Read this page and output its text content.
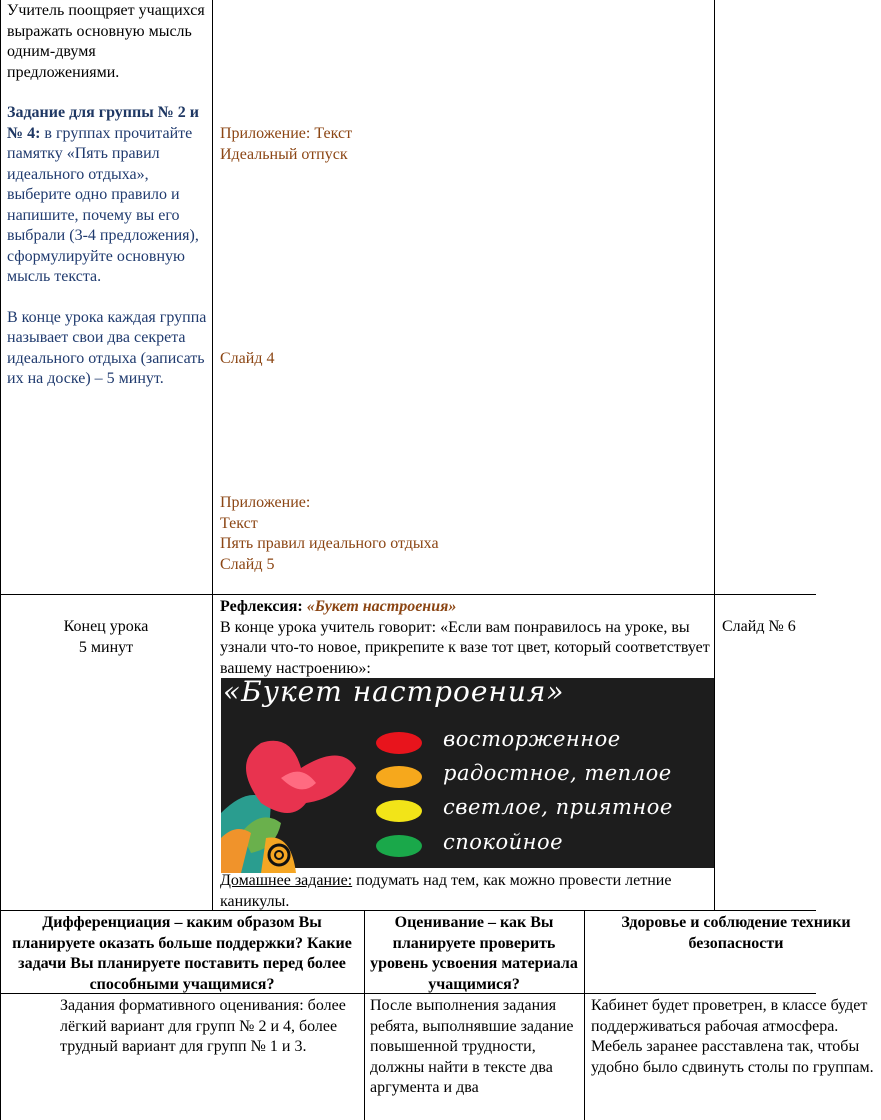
Учитель поощряет учащихся выражать основную мысль одним-двумя предложениями.
Задание для группы № 2 и № 4: в группах прочитайте памятку «Пять правил идеального отдыха», выберите одно правило и напишите, почему вы его выбрали (3-4 предложения), сформулируйте основную мысль текста.
В конце урока каждая группа называет свои два секрета идеального отдыха (записать их на доске) – 5 минут.
Приложение: Текст
Идеальный отпуск
Слайд 4
Приложение:
Текст
Пять правил идеального отдыха
Слайд 5
Конец урока
5 минут
Рефлексия: «Букет настроения»
В конце урока учитель говорит: «Если вам понравилось на уроке, вы узнали что-то новое, прикрепите к вазе тот цвет, который соответствует вашему настроению»:
«Букет настроения»
восторженное
радостное, теплое
светлое, приятное
спокойное
Домашнее задание: подумать над тем, как можно провести летние каникулы.
Слайд № 6
Дифференциация – каким образом Вы планируете оказать больше поддержки? Какие задачи Вы планируете поставить перед более способными учащимися?
Оценивание – как Вы планируете проверить уровень усвоения материала учащимися?
Здоровье и соблюдение техники безопасности
Задания формативного оценивания: более лёгкий вариант для групп № 2 и 4, более трудный вариант для групп № 1 и 3.
После выполнения задания ребята, выполнявшие задание повышенной трудности, должны найти в тексте два аргумента и два
Кабинет будет проветрен, в классе будет поддерживаться рабочая атмосфера. Мебель заранее расставлена так, чтобы удобно было сдвинуть столы по группам.
